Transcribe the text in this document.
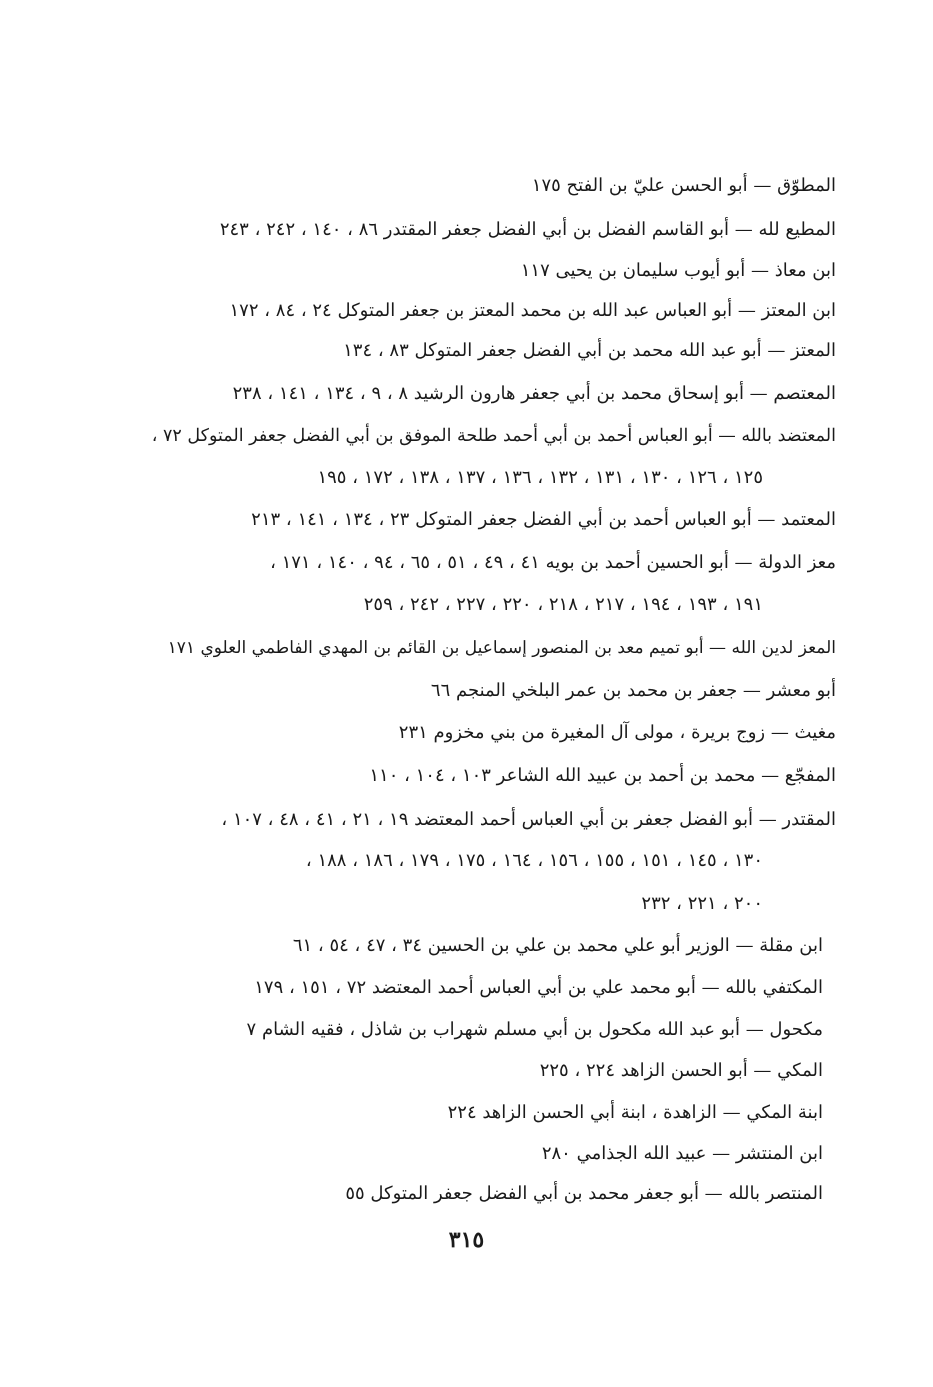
المطوّق — أبو الحسن عليّ بن الفتح ١٧٥
المطيع لله — أبو القاسم الفضل بن أبي الفضل جعفر المقتدر ٨٦ ، ١٤٠ ، ٢٤٢ ، ٢٤٣
ابن معاذ — أبو أيوب سليمان بن يحيى ١١٧
ابن المعتز — أبو العباس عبد الله بن محمد المعتز بن جعفر المتوكل ٢٤ ، ٨٤ ، ١٧٢
المعتز — أبو عبد الله محمد بن أبي الفضل جعفر المتوكل ٨٣ ، ١٣٤
المعتصم — أبو إسحاق محمد بن أبي جعفر هارون الرشيد ٨ ، ٩ ، ١٣٤ ، ١٤١ ، ٢٣٨
المعتضد بالله — أبو العباس أحمد بن أبي أحمد طلحة الموفق بن أبي الفضل جعفر المتوكل ٧٢ ،
١٢٥ ، ١٢٦ ، ١٣٠ ، ١٣١ ، ١٣٢ ، ١٣٦ ، ١٣٧ ، ١٣٨ ، ١٧٢ ، ١٩٥
المعتمد — أبو العباس أحمد بن أبي الفضل جعفر المتوكل ٢٣ ، ١٣٤ ، ١٤١ ، ٢١٣
معز الدولة — أبو الحسين أحمد بن بويه ٤١ ، ٤٩ ، ٥١ ، ٦٥ ، ٩٤ ، ١٤٠ ، ١٧١ ،
١٩١ ، ١٩٣ ، ١٩٤ ، ٢١٧ ، ٢١٨ ، ٢٢٠ ، ٢٢٧ ، ٢٤٢ ، ٢٥٩
المعز لدين الله — أبو تميم معد بن المنصور إسماعيل بن القائم بن المهدي الفاطمي العلوي ١٧١
أبو معشر — جعفر بن محمد بن عمر البلخي المنجم ٦٦
مغيث — زوج بريرة ، مولى آل المغيرة من بني مخزوم ٢٣١
المفجّع — محمد بن أحمد بن عبيد الله الشاعر ١٠٣ ، ١٠٤ ، ١١٠
المقتدر — أبو الفضل جعفر بن أبي العباس أحمد المعتضد ١٩ ، ٢١ ، ٤١ ، ٤٨ ، ١٠٧ ،
١٣٠ ، ١٤٥ ، ١٥١ ، ١٥٥ ، ١٥٦ ، ١٦٤ ، ١٧٥ ، ١٧٩ ، ١٨٦ ، ١٨٨ ،
٢٠٠ ، ٢٢١ ، ٢٣٢
ابن مقلة — الوزير أبو علي محمد بن علي بن الحسين ٣٤ ، ٤٧ ، ٥٤ ، ٦١
المكتفي بالله — أبو محمد علي بن أبي العباس أحمد المعتضد ٧٢ ، ١٥١ ، ١٧٩
مكحول — أبو عبد الله مكحول بن أبي مسلم شهراب بن شاذل ، فقيه الشام ٧
المكي — أبو الحسن الزاهد ٢٢٤ ، ٢٢٥
ابنة المكي — الزاهدة ، ابنة أبي الحسن الزاهد ٢٢٤
ابن المنتشر — عبيد الله الجذامي ٢٨٠
المنتصر بالله — أبو جعفر محمد بن أبي الفضل جعفر المتوكل ٥٥
٣١٥
